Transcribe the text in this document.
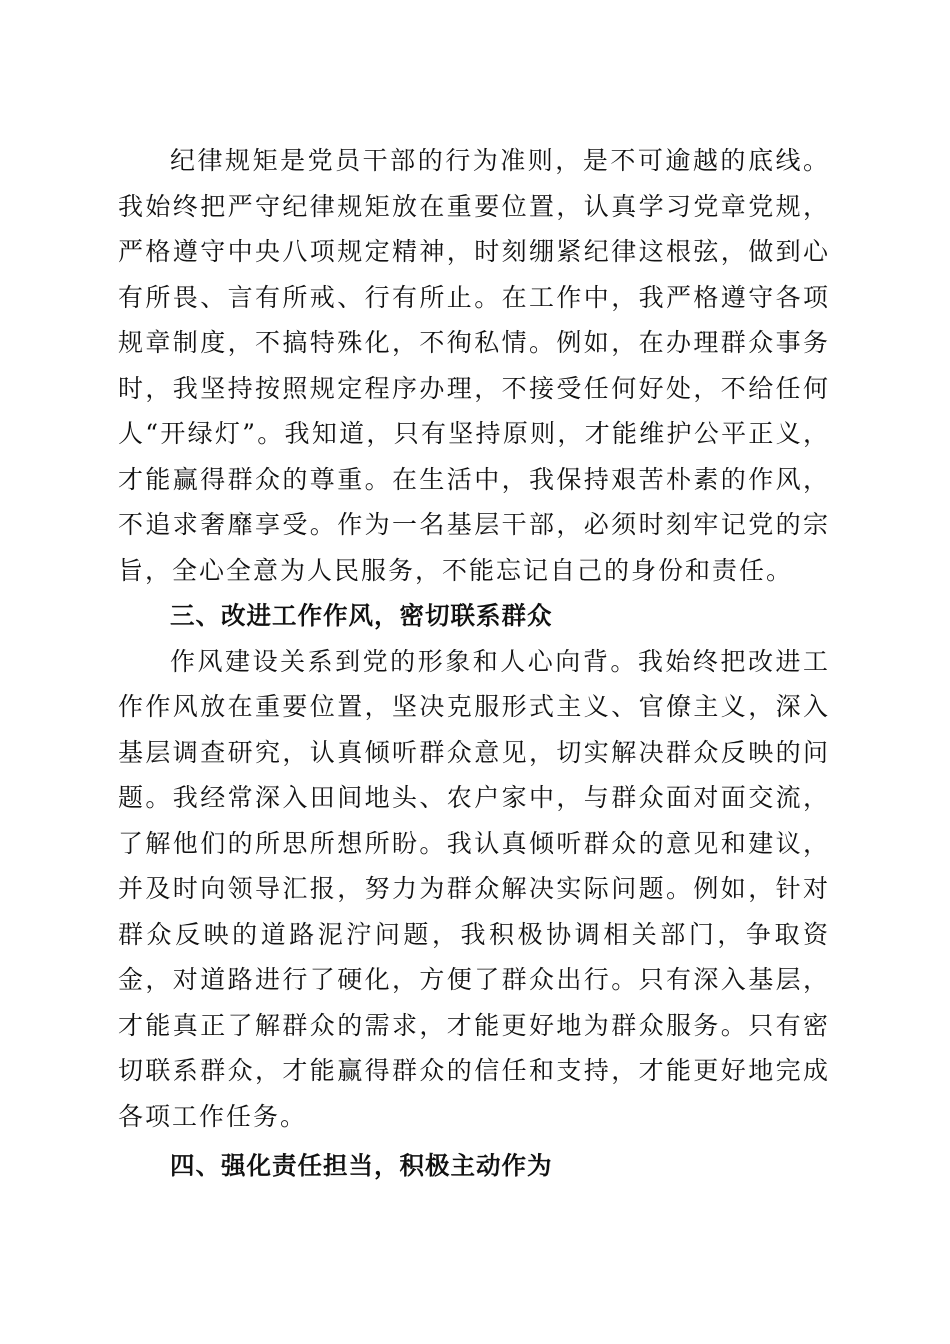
纪律规矩是党员干部的行为准则，是不可逾越的底线。我始终把严守纪律规矩放在重要位置，认真学习党章党规，严格遵守中央八项规定精神，时刻绷紧纪律这根弦，做到心有所畏、言有所戒、行有所止。在工作中，我严格遵守各项规章制度，不搞特殊化，不徇私情。例如，在办理群众事务时，我坚持按照规定程序办理，不接受任何好处，不给任何人“开绿灯”。我知道，只有坚持原则，才能维护公平正义，才能赢得群众的尊重。在生活中，我保持艰苦朴素的作风，不追求奢靡享受。作为一名基层干部，必须时刻牢记党的宗旨，全心全意为人民服务，不能忘记自己的身份和责任。

三、改进工作作风，密切联系群众

作风建设关系到党的形象和人心向背。我始终把改进工作作风放在重要位置，坚决克服形式主义、官僚主义，深入基层调查研究，认真倾听群众意见，切实解决群众反映的问题。我经常深入田间地头、农户家中，与群众面对面交流，了解他们的所思所想所盼。我认真倾听群众的意见和建议，并及时向领导汇报，努力为群众解决实际问题。例如，针对群众反映的道路泥泞问题，我积极协调相关部门，争取资金，对道路进行了硬化，方便了群众出行。只有深入基层，才能真正了解群众的需求，才能更好地为群众服务。只有密切联系群众，才能赢得群众的信任和支持，才能更好地完成各项工作任务。

四、强化责任担当，积极主动作为
